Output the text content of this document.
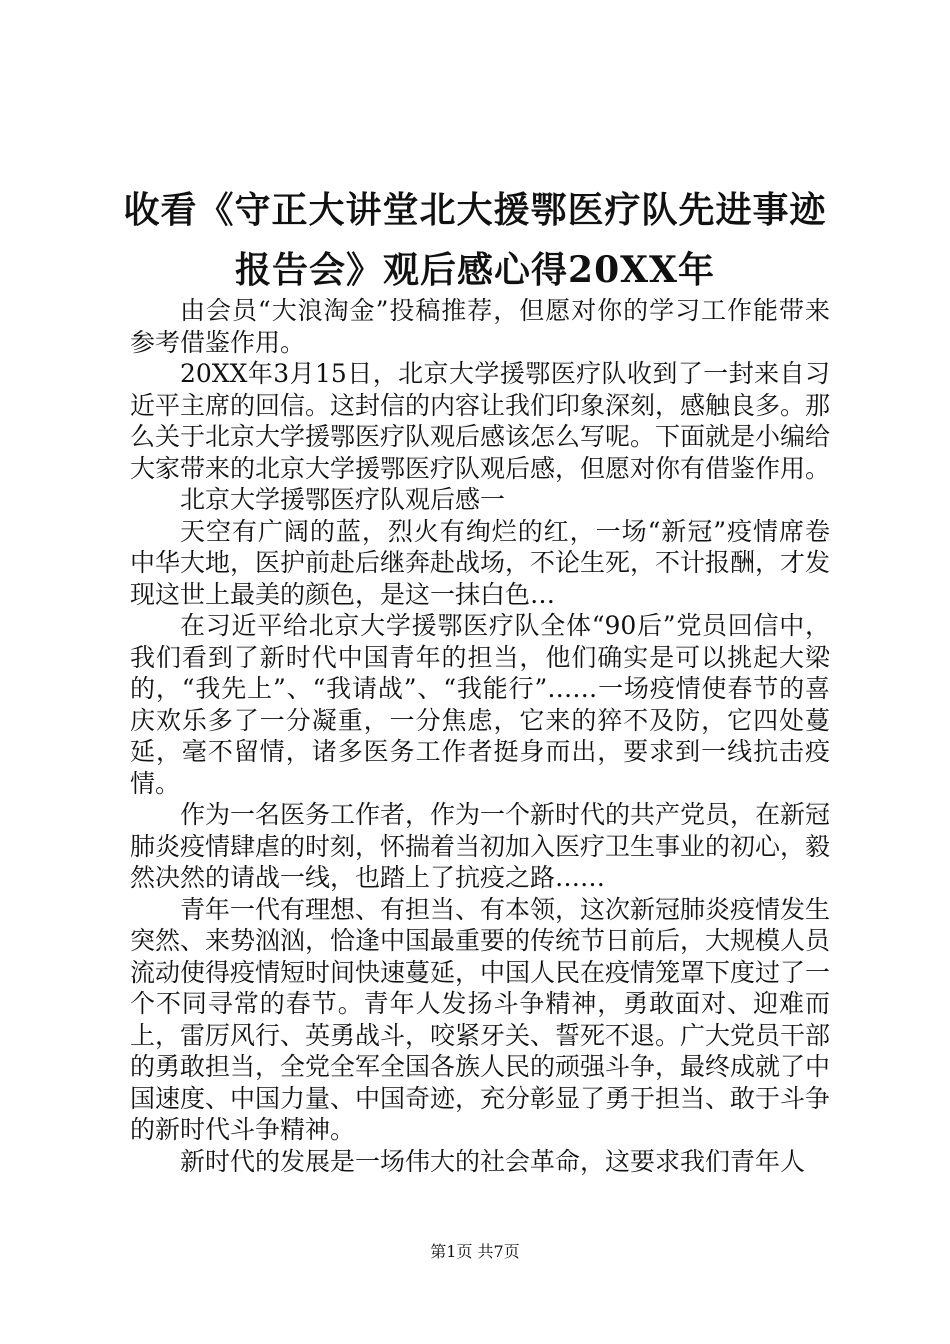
收看《守正大讲堂北大援鄂医疗队先进事迹报告会》观后感心得20XX年

由会员“大浪淘金”投稿推荐，但愿对你的学习工作能带来参考借鉴作用。

20XX年3月15日，北京大学援鄂医疗队收到了一封来自习近平主席的回信。这封信的内容让我们印象深刻，感触良多。那么关于北京大学援鄂医疗队观后感该怎么写呢。下面就是小编给大家带来的北京大学援鄂医疗队观后感，但愿对你有借鉴作用。

北京大学援鄂医疗队观后感一

天空有广阔的蓝，烈火有绚烂的红，一场“新冠”疫情席卷中华大地，医护前赴后继奔赴战场，不论生死，不计报酬，才发现这世上最美的颜色，是这一抹白色…

在习近平给北京大学援鄂医疗队全体“90后”党员回信中，我们看到了新时代中国青年的担当，他们确实是可以挑起大梁的，“我先上”、“我请战”、“我能行”……一场疫情使春节的喜庆欢乐多了一分凝重，一分焦虑，它来的猝不及防，它四处蔓延，毫不留情，诸多医务工作者挺身而出，要求到一线抗击疫情。

作为一名医务工作者，作为一个新时代的共产党员，在新冠肺炎疫情肆虐的时刻，怀揣着当初加入医疗卫生事业的初心，毅然决然的请战一线，也踏上了抗疫之路……

青年一代有理想、有担当、有本领，这次新冠肺炎疫情发生突然、来势汹汹，恰逢中国最重要的传统节日前后，大规模人员流动使得疫情短时间快速蔓延，中国人民在疫情笼罩下度过了一个不同寻常的春节。青年人发扬斗争精神，勇敢面对、迎难而上，雷厉风行、英勇战斗，咬紧牙关、誓死不退。广大党员干部的勇敢担当，全党全军全国各族人民的顽强斗争，最终成就了中国速度、中国力量、中国奇迹，充分彰显了勇于担当、敢于斗争的新时代斗争精神。

新时代的发展是一场伟大的社会革命，这要求我们青年人

第1页 共7页
